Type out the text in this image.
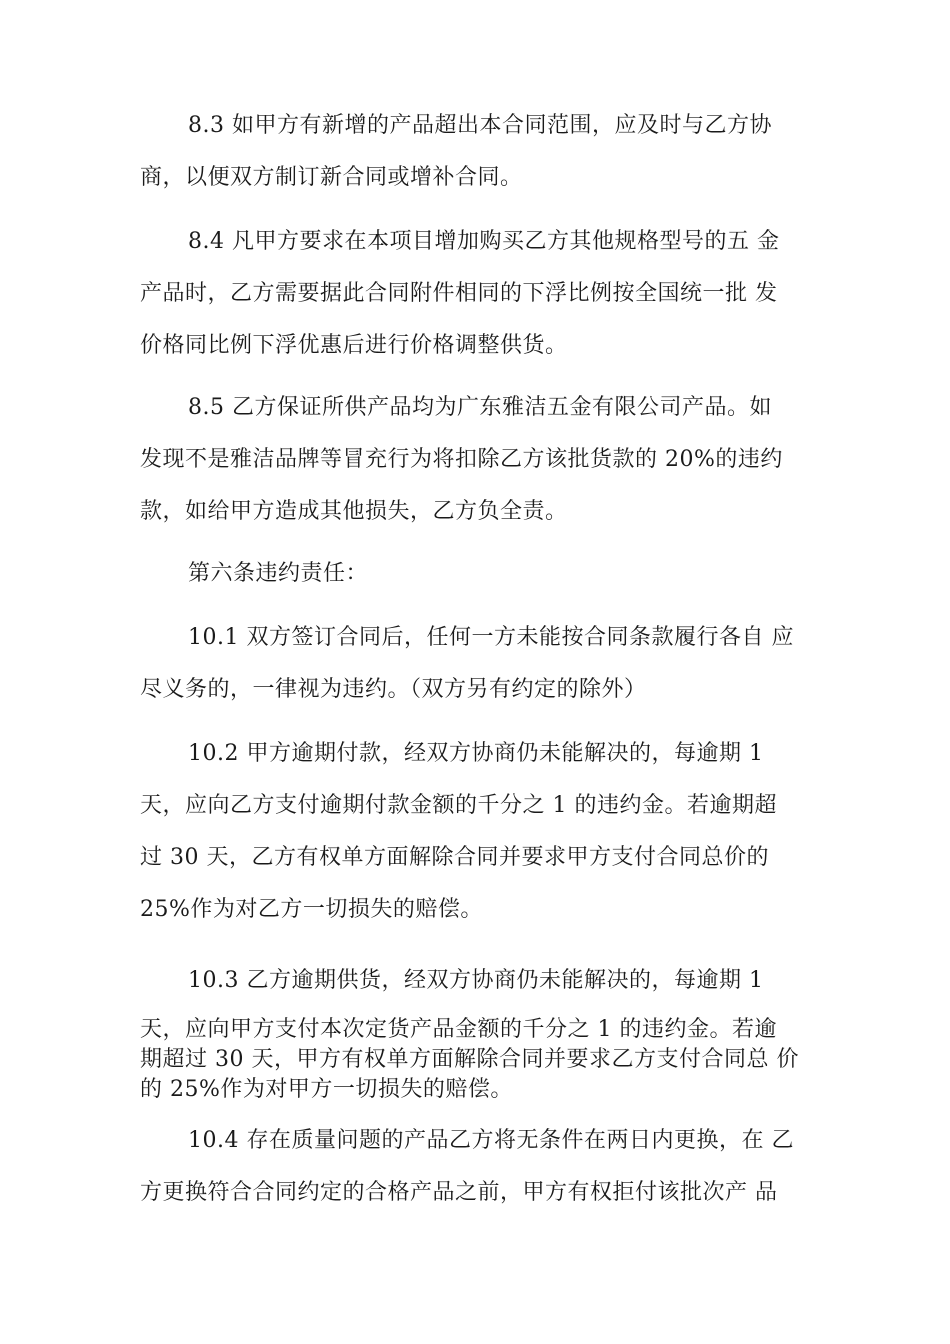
8.3 如甲方有新增的产品超出本合同范围，应及时与乙方协
商，以便双方制订新合同或增补合同。
8.4 凡甲方要求在本项目增加购买乙方其他规格型号的五 金
产品时，乙方需要据此合同附件相同的下浮比例按全国统一批 发
价格同比例下浮优惠后进行价格调整供货。
8.5 乙方保证所供产品均为广东雅洁五金有限公司产品。如
发现不是雅洁品牌等冒充行为将扣除乙方该批货款的 20%的违约
款，如给甲方造成其他损失，乙方负全责。

第六条违约责任：

10.1 双方签订合同后，任何一方未能按合同条款履行各自 应
尽义务的，一律视为违约。（双方另有约定的除外）
10.2 甲方逾期付款，经双方协商仍未能解决的，每逾期 1
天，应向乙方支付逾期付款金额的千分之 1 的违约金。若逾期超
过 30 天，乙方有权单方面解除合同并要求甲方支付合同总价的
25%作为对乙方一切损失的赔偿。
10.3 乙方逾期供货，经双方协商仍未能解决的，每逾期 1
天，应向甲方支付本次定货产品金额的千分之 1 的违约金。若逾
期超过 30 天，甲方有权单方面解除合同并要求乙方支付合同总 价
的 25%作为对甲方一切损失的赔偿。
10.4 存在质量问题的产品乙方将无条件在两日内更换，在 乙
方更换符合合同约定的合格产品之前，甲方有权拒付该批次产 品
